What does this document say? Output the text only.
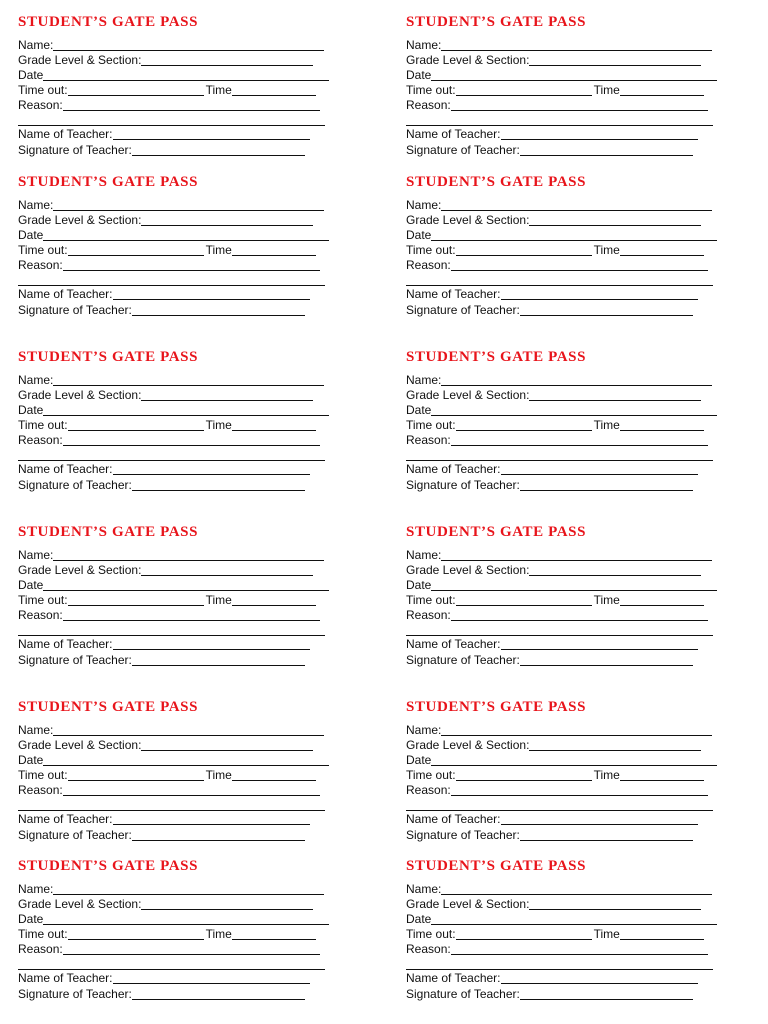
STUDENT’S GATE PASS
Name:
Grade Level & Section:
Date
Time out:	Time
Reason:
Name of Teacher:
Signature of Teacher:
STUDENT’S GATE PASS
Name:
Grade Level & Section:
Date
Time out:	Time
Reason:
Name of Teacher:
Signature of Teacher:
STUDENT’S GATE PASS
Name:
Grade Level & Section:
Date
Time out:	Time
Reason:
Name of Teacher:
Signature of Teacher:
STUDENT’S GATE PASS
Name:
Grade Level & Section:
Date
Time out:	Time
Reason:
Name of Teacher:
Signature of Teacher:
STUDENT’S GATE PASS
Name:
Grade Level & Section:
Date
Time out:	Time
Reason:
Name of Teacher:
Signature of Teacher:
STUDENT’S GATE PASS
Name:
Grade Level & Section:
Date
Time out:	Time
Reason:
Name of Teacher:
Signature of Teacher:
STUDENT’S GATE PASS
Name:
Grade Level & Section:
Date
Time out:	Time
Reason:
Name of Teacher:
Signature of Teacher:
STUDENT’S GATE PASS
Name:
Grade Level & Section:
Date
Time out:	Time
Reason:
Name of Teacher:
Signature of Teacher:
STUDENT’S GATE PASS
Name:
Grade Level & Section:
Date
Time out:	Time
Reason:
Name of Teacher:
Signature of Teacher:
STUDENT’S GATE PASS
Name:
Grade Level & Section:
Date
Time out:	Time
Reason:
Name of Teacher:
Signature of Teacher:
STUDENT’S GATE PASS
Name:
Grade Level & Section:
Date
Time out:	Time
Reason:
Name of Teacher:
Signature of Teacher:
STUDENT’S GATE PASS
Name:
Grade Level & Section:
Date
Time out:	Time
Reason:
Name of Teacher:
Signature of Teacher:
